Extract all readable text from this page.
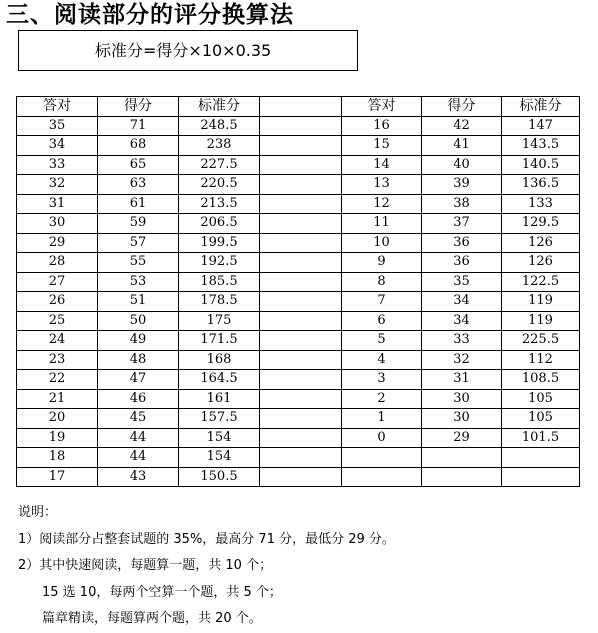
三、阅读部分的评分换算法
标准分=得分×10×0.35
答对	得分	标准分		答对	得分	标准分
35	71	248.5		16	42	147
34	68	238		15	41	143.5
33	65	227.5		14	40	140.5
32	63	220.5		13	39	136.5
31	61	213.5		12	38	133
30	59	206.5		11	37	129.5
29	57	199.5		10	36	126
28	55	192.5		9	36	126
27	53	185.5		8	35	122.5
26	51	178.5		7	34	119
25	50	175		6	34	119
24	49	171.5		5	33	225.5
23	48	168		4	32	112
22	47	164.5		3	31	108.5
21	46	161		2	30	105
20	45	157.5		1	30	105
19	44	154		0	29	101.5
18	44	154				
17	43	150.5				
说明：
1）阅读部分占整套试题的 35%，最高分 71 分，最低分 29 分。
2）其中快速阅读，每题算一题，共 10 个；
15 选 10，每两个空算一个题，共 5 个；
篇章精读，每题算两个题，共 20 个。
